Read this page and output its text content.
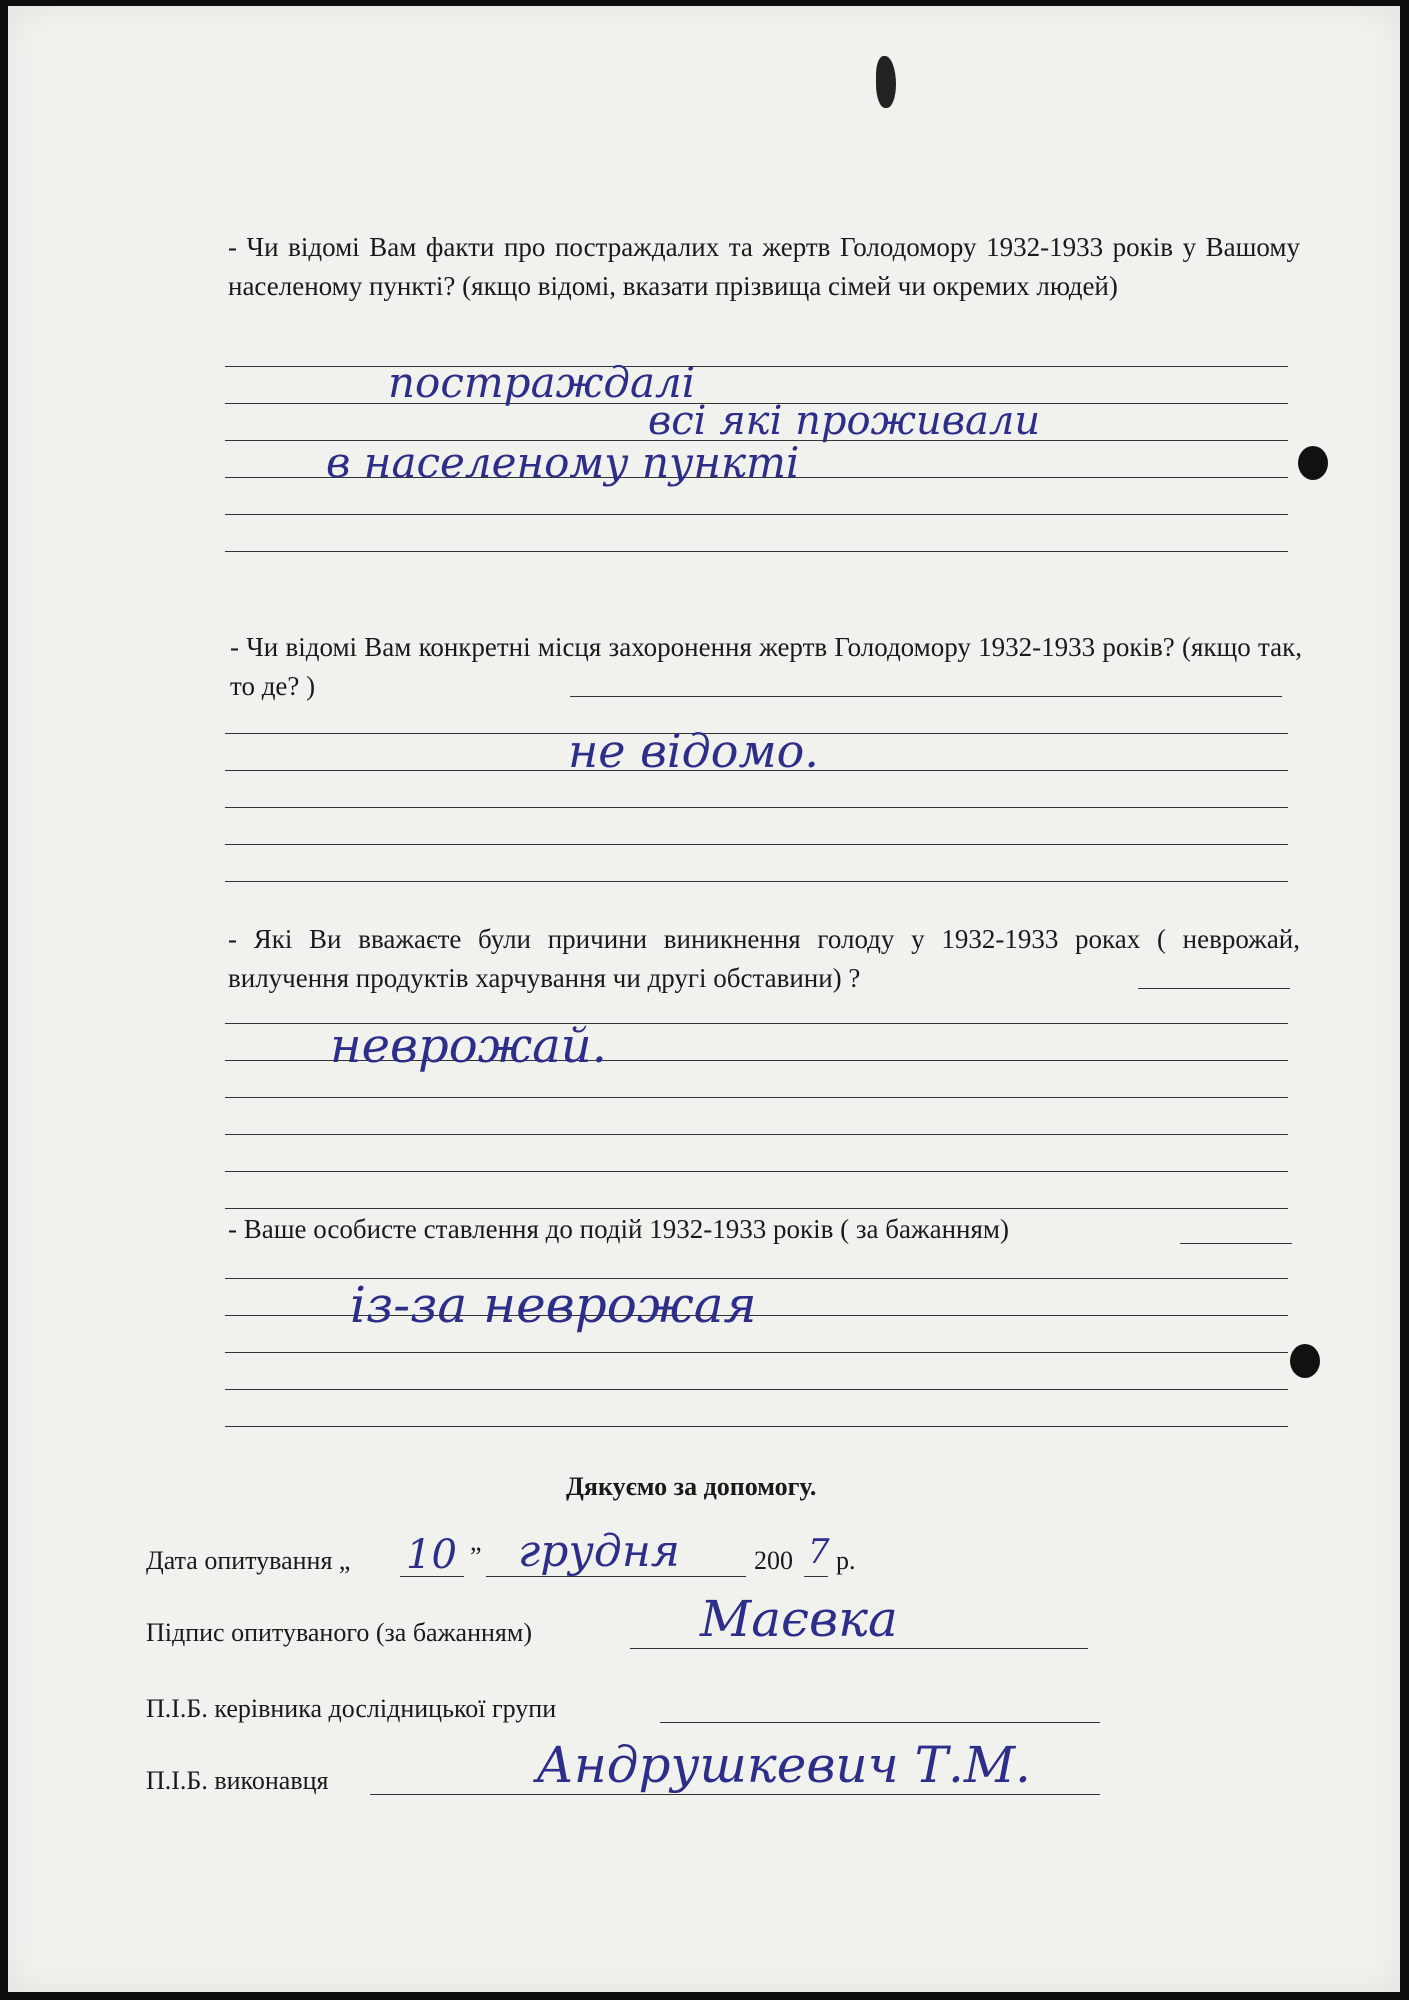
- Чи відомі Вам факти про постраждалих та жертв Голодомору 1932-1933 років у Вашому населеному пункті? (якщо відомі, вказати прізвища сімей чи окремих людей)
постраждалі
всі які проживали
в населеному пункті
- Чи відомі Вам конкретні місця захоронення жертв Голодомору 1932-1933 років? (якщо так, то де? )
не відомо.
- Які Ви вважаєте були причини виникнення голоду у 1932-1933 роках ( неврожай, вилучення продуктів харчування чи другі обставини) ?
неврожай.
- Ваше особисте ставлення до подій 1932-1933 років ( за бажанням)
із-за неврожая
Дякуємо за допомогу.
Дата опитування „ 10 ” грудня	200 7 р.
Підпис опитуваного (за бажанням)	Маєвка
П.І.Б. керівника дослідницької групи
П.І.Б. виконавця	Андрушкевич Т.М.
